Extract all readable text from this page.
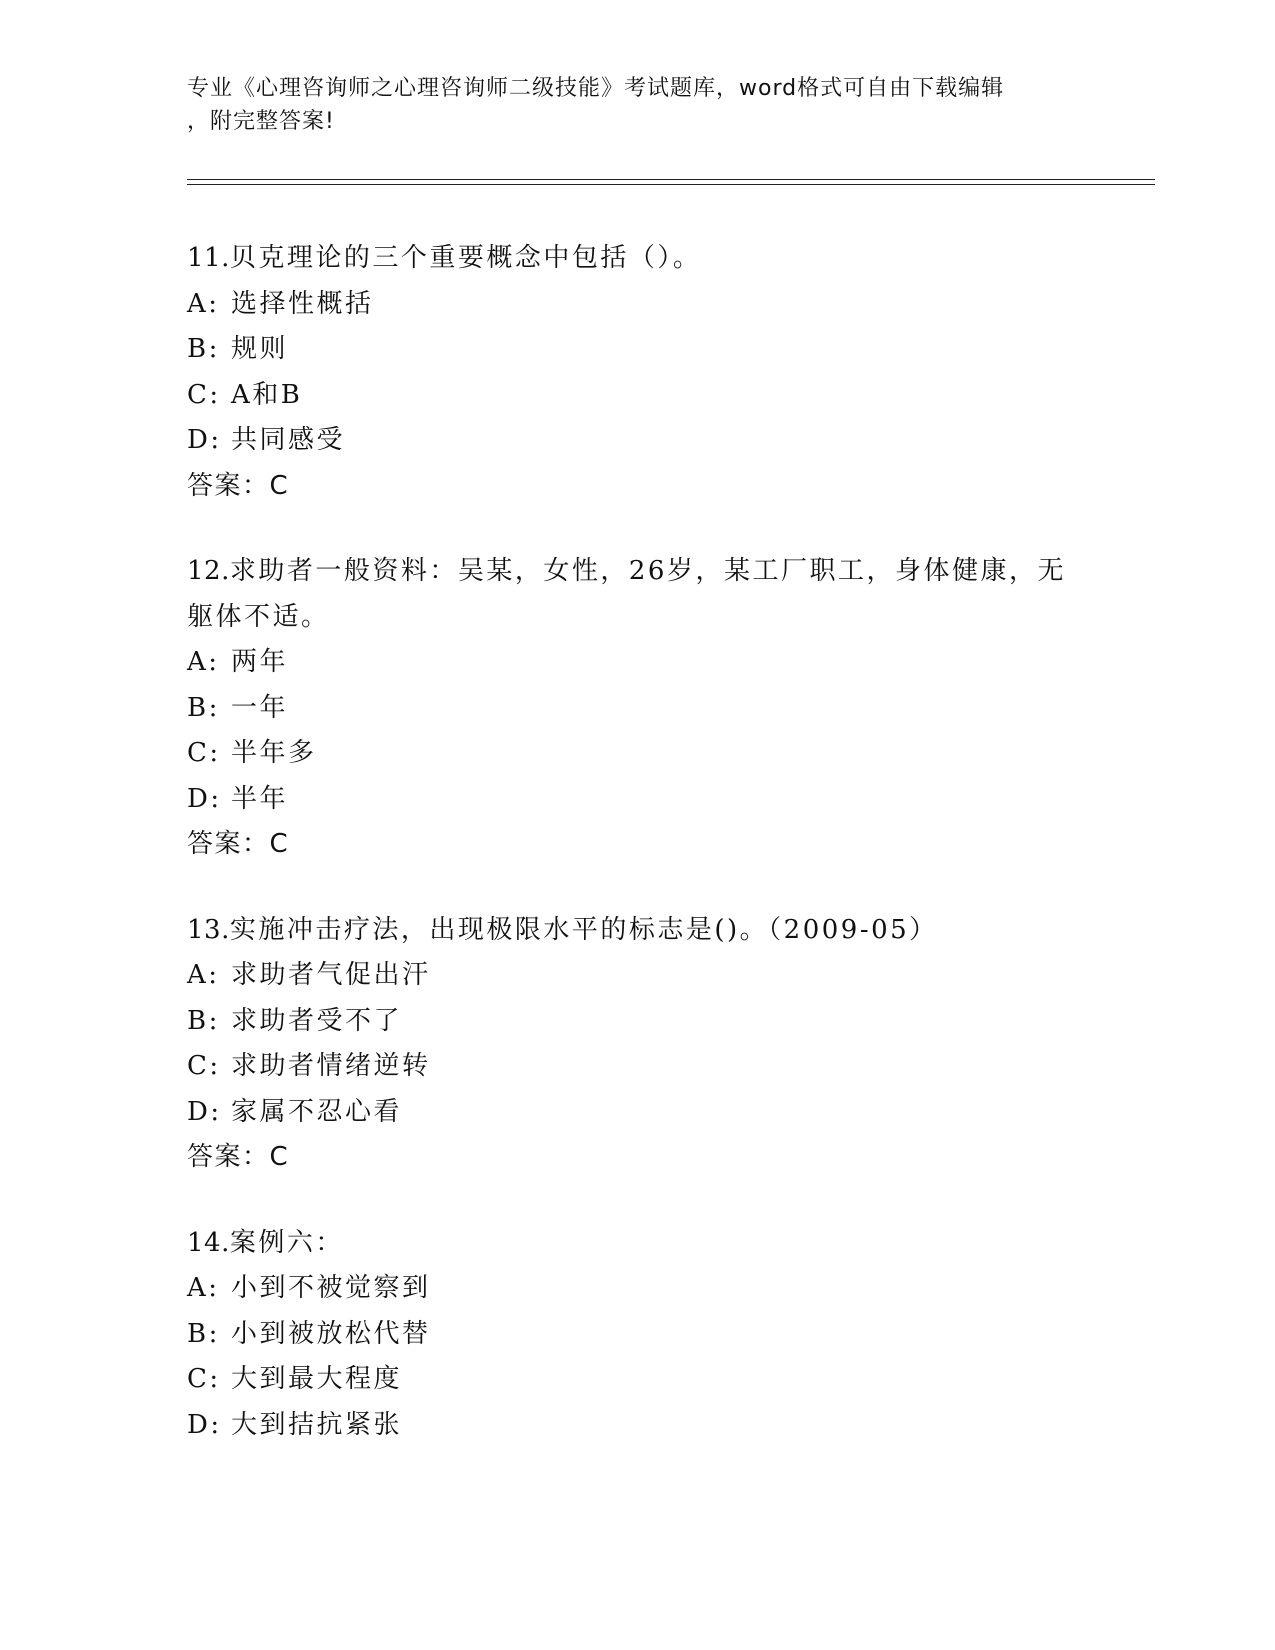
专业《心理咨询师之心理咨询师二级技能》考试题库，word格式可自由下载编辑
，附完整答案!
11.贝克理论的三个重要概念中包括（）。
A: 选择性概括
B: 规则
C: A和B
D: 共同感受
答案：C
12.求助者一般资料：吴某，女性，26岁，某工厂职工，身体健康，无
躯体不适。
A: 两年
B: 一年
C: 半年多
D: 半年
答案：C
13.实施冲击疗法，出现极限水平的标志是()。（2009-05）
A: 求助者气促出汗
B: 求助者受不了
C: 求助者情绪逆转
D: 家属不忍心看
答案：C
14.案例六：
A: 小到不被觉察到
B: 小到被放松代替
C: 大到最大程度
D: 大到拮抗紧张
